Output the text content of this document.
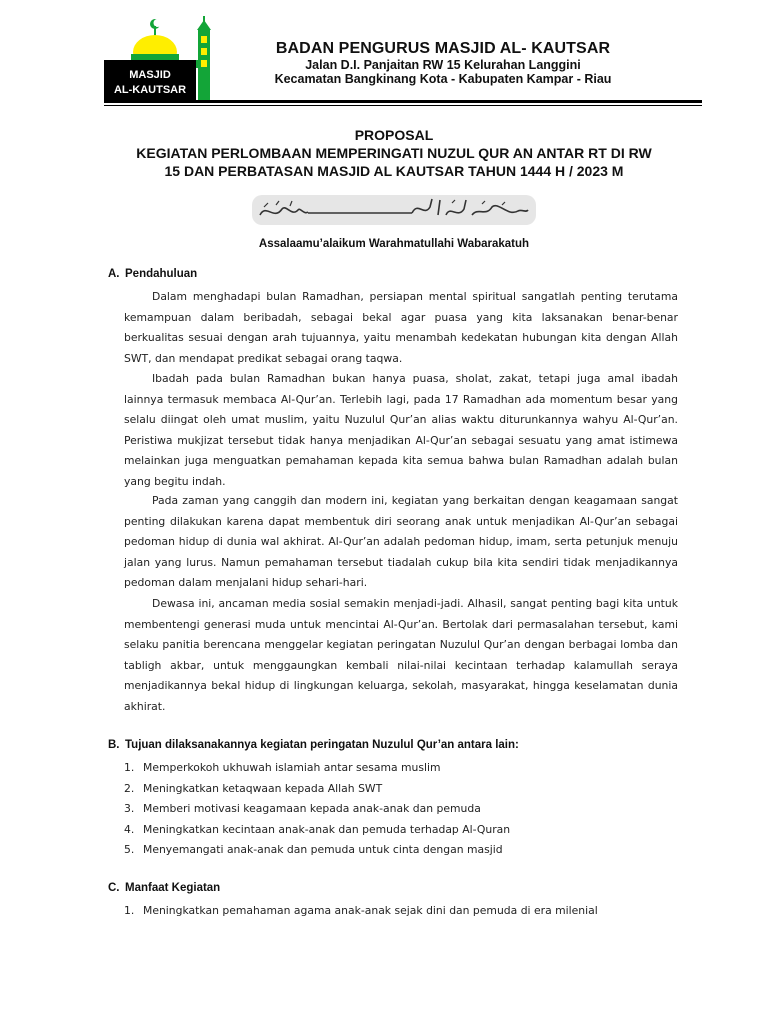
MASJID
AL-KAUTSAR
BADAN PENGURUS MASJID AL- KAUTSAR
Jalan D.I. Panjaitan RW 15 Kelurahan Langgini
Kecamatan Bangkinang Kota - Kabupaten Kampar - Riau
PROPOSAL
KEGIATAN PERLOMBAAN MEMPERINGATI NUZUL QUR AN ANTAR RT DI RW
15 DAN PERBATASAN MASJID AL KAUTSAR TAHUN 1444 H / 2023 M
Assalaamu’alaikum Warahmatullahi Wabarakatuh
A. Pendahuluan
Dalam menghadapi bulan Ramadhan, persiapan mental spiritual sangatlah penting terutama kemampuan dalam beribadah, sebagai bekal agar puasa yang kita laksanakan benar-benar berkualitas sesuai dengan arah tujuannya, yaitu menambah kedekatan hubungan kita dengan Allah SWT, dan mendapat predikat sebagai orang taqwa.
Ibadah pada bulan Ramadhan bukan hanya puasa, sholat, zakat, tetapi juga amal ibadah lainnya termasuk membaca Al-Qur’an. Terlebih lagi, pada 17 Ramadhan ada momentum besar yang selalu diingat oleh umat muslim, yaitu Nuzulul Qur’an alias waktu diturunkannya wahyu Al-Qur’an. Peristiwa mukjizat tersebut tidak hanya menjadikan Al-Qur’an sebagai sesuatu yang amat istimewa melainkan juga menguatkan pemahaman kepada kita semua bahwa bulan Ramadhan adalah bulan yang begitu indah.
Pada zaman yang canggih dan modern ini, kegiatan yang berkaitan dengan keagamaan sangat penting dilakukan karena dapat membentuk diri seorang anak untuk menjadikan Al-Qur’an sebagai pedoman hidup di dunia wal akhirat. Al-Qur’an adalah pedoman hidup, imam, serta petunjuk menuju jalan yang lurus. Namun pemahaman tersebut tiadalah cukup bila kita sendiri tidak menjadikannya pedoman dalam menjalani hidup sehari-hari.
Dewasa ini, ancaman media sosial semakin menjadi-jadi. Alhasil, sangat penting bagi kita untuk membentengi generasi muda untuk mencintai Al-Qur’an. Bertolak dari permasalahan tersebut, kami selaku panitia berencana menggelar kegiatan peringatan Nuzulul Qur’an dengan berbagai lomba dan tabligh akbar, untuk menggaungkan kembali nilai-nilai kecintaan terhadap kalamullah seraya menjadikannya bekal hidup di lingkungan keluarga, sekolah, masyarakat, hingga keselamatan dunia akhirat.
B. Tujuan dilaksanakannya kegiatan peringatan Nuzulul Qur’an antara lain:
1. Memperkokoh ukhuwah islamiah antar sesama muslim
2. Meningkatkan ketaqwaan kepada Allah SWT
3. Memberi motivasi keagamaan kepada anak-anak dan pemuda
4. Meningkatkan kecintaan anak-anak dan pemuda terhadap Al-Quran
5. Menyemangati anak-anak dan pemuda untuk cinta dengan masjid
C. Manfaat Kegiatan
1. Meningkatkan pemahaman agama anak-anak sejak dini dan pemuda di era milenial
